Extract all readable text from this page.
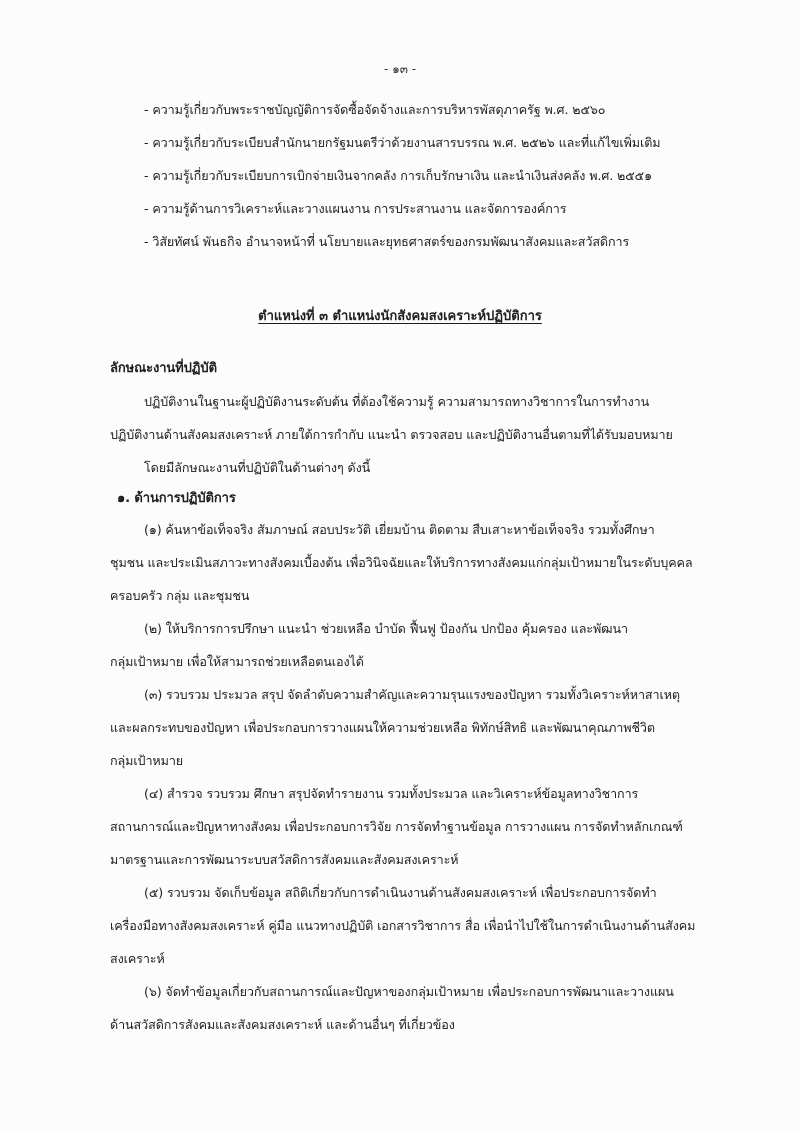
- ๑๓ -
- ความรู้เกี่ยวกับพระราชบัญญัติการจัดซื้อจัดจ้างและการบริหารพัสดุภาครัฐ พ.ศ. ๒๕๖๐
- ความรู้เกี่ยวกับระเบียบสำนักนายกรัฐมนตรีว่าด้วยงานสารบรรณ พ.ศ. ๒๕๒๖ และที่แก้ไขเพิ่มเติม
- ความรู้เกี่ยวกับระเบียบการเบิกจ่ายเงินจากคลัง การเก็บรักษาเงิน และนำเงินส่งคลัง พ.ศ. ๒๕๕๑
- ความรู้ด้านการวิเคราะห์และวางแผนงาน การประสานงาน และจัดการองค์การ
- วิสัยทัศน์ พันธกิจ อำนาจหน้าที่ นโยบายและยุทธศาสตร์ของกรมพัฒนาสังคมและสวัสดิการ
ตำแหน่งที่ ๓ ตำแหน่งนักสังคมสงเคราะห์ปฏิบัติการ
ลักษณะงานที่ปฏิบัติ
ปฏิบัติงานในฐานะผู้ปฏิบัติงานระดับต้น ที่ต้องใช้ความรู้ ความสามารถทางวิชาการในการทำงาน
ปฏิบัติงานด้านสังคมสงเคราะห์ ภายใต้การกำกับ แนะนำ ตรวจสอบ และปฏิบัติงานอื่นตามที่ได้รับมอบหมาย
โดยมีลักษณะงานที่ปฏิบัติในด้านต่างๆ ดังนี้
๑. ด้านการปฏิบัติการ
(๑) ค้นหาข้อเท็จจริง สัมภาษณ์ สอบประวัติ เยี่ยมบ้าน ติดตาม สืบเสาะหาข้อเท็จจริง รวมทั้งศึกษา
ชุมชน และประเมินสภาวะทางสังคมเบื้องต้น เพื่อวินิจฉัยและให้บริการทางสังคมแก่กลุ่มเป้าหมายในระดับบุคคล
ครอบครัว กลุ่ม และชุมชน
(๒) ให้บริการการปรึกษา แนะนำ ช่วยเหลือ บำบัด ฟื้นฟู ป้องกัน ปกป้อง คุ้มครอง และพัฒนา
กลุ่มเป้าหมาย เพื่อให้สามารถช่วยเหลือตนเองได้
(๓) รวบรวม ประมวล สรุป จัดลำดับความสำคัญและความรุนแรงของปัญหา รวมทั้งวิเคราะห์หาสาเหตุ
และผลกระทบของปัญหา เพื่อประกอบการวางแผนให้ความช่วยเหลือ พิทักษ์สิทธิ และพัฒนาคุณภาพชีวิต
กลุ่มเป้าหมาย
(๔) สำรวจ รวบรวม ศึกษา สรุปจัดทำรายงาน รวมทั้งประมวล และวิเคราะห์ข้อมูลทางวิชาการ
สถานการณ์และปัญหาทางสังคม เพื่อประกอบการวิจัย การจัดทำฐานข้อมูล การวางแผน การจัดทำหลักเกณฑ์
มาตรฐานและการพัฒนาระบบสวัสดิการสังคมและสังคมสงเคราะห์
(๕) รวบรวม จัดเก็บข้อมูล สถิติเกี่ยวกับการดำเนินงานด้านสังคมสงเคราะห์ เพื่อประกอบการจัดทำ
เครื่องมือทางสังคมสงเคราะห์ คู่มือ แนวทางปฏิบัติ เอกสารวิชาการ สื่อ เพื่อนำไปใช้ในการดำเนินงานด้านสังคม
สงเคราะห์
(๖) จัดทำข้อมูลเกี่ยวกับสถานการณ์และปัญหาของกลุ่มเป้าหมาย เพื่อประกอบการพัฒนาและวางแผน
ด้านสวัสดิการสังคมและสังคมสงเคราะห์ และด้านอื่นๆ ที่เกี่ยวข้อง
